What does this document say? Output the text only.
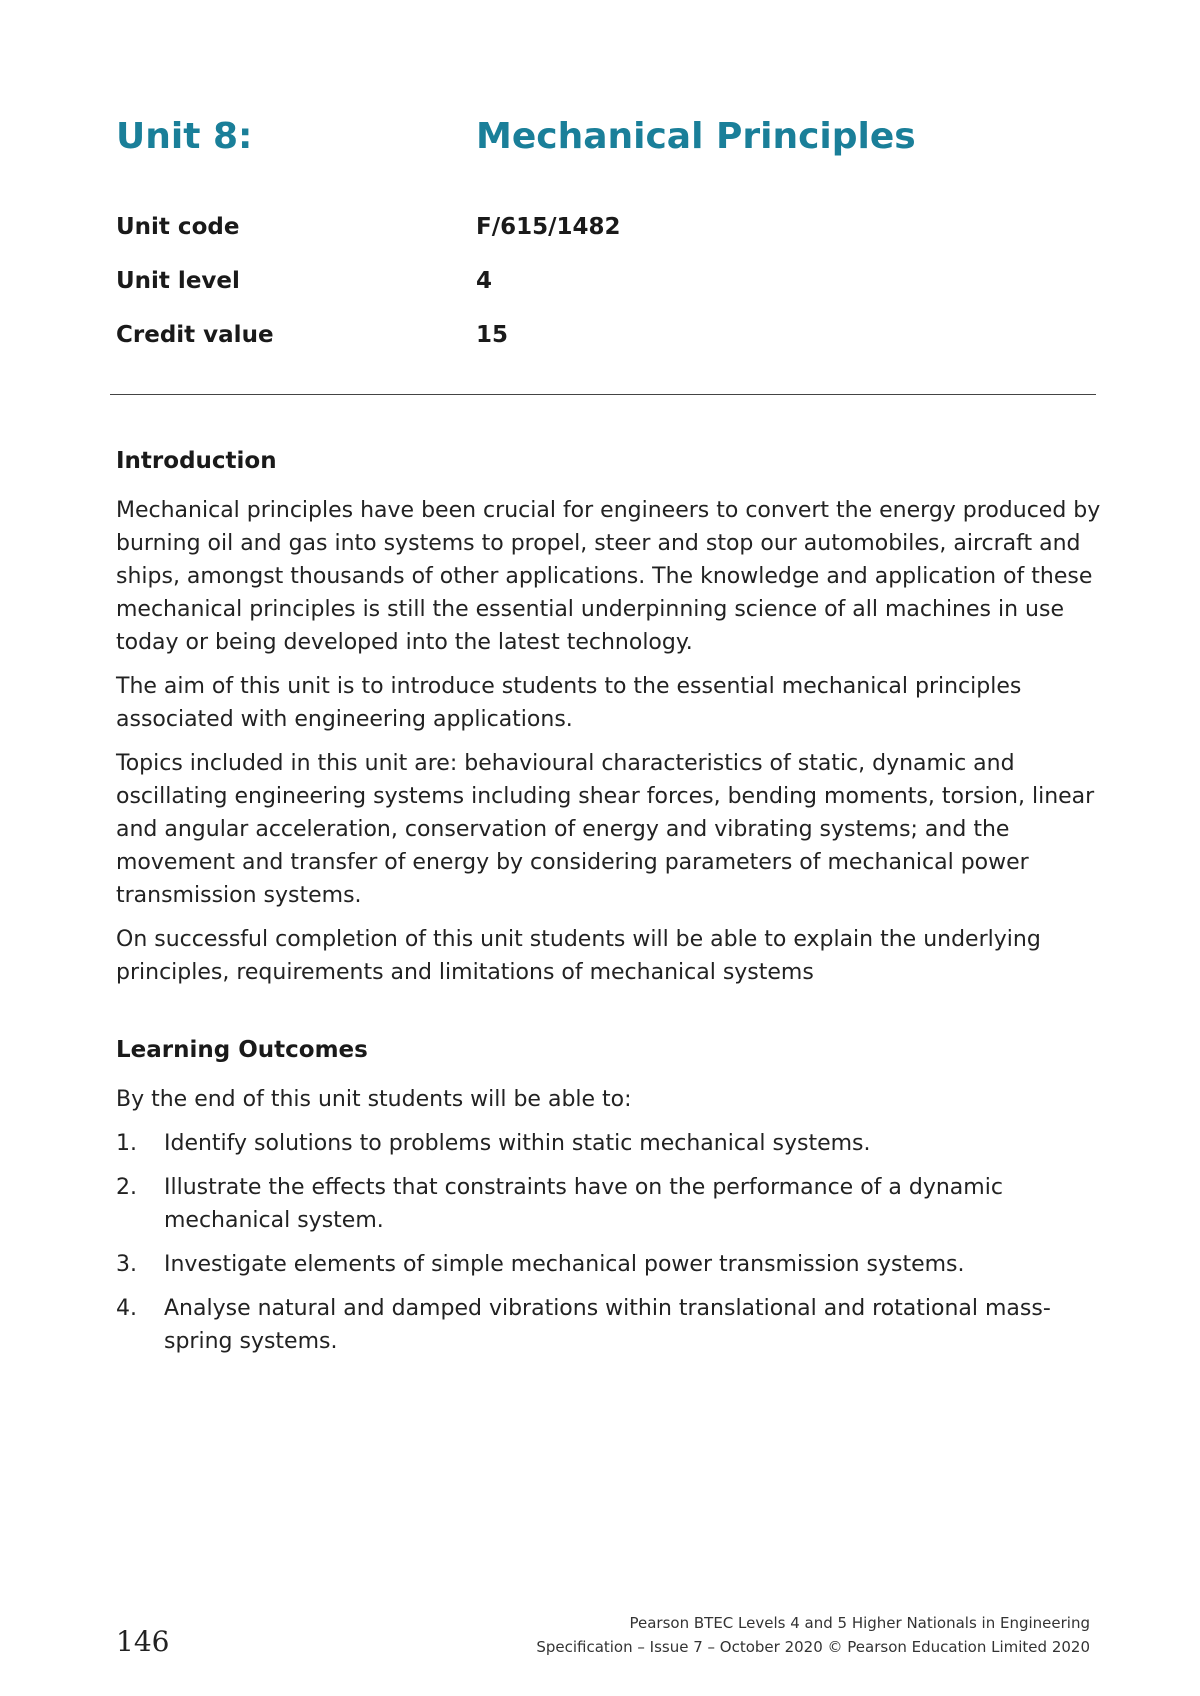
Unit 8:	Mechanical Principles
Unit code	F/615/1482
Unit level	4
Credit value	15
Introduction

Mechanical principles have been crucial for engineers to convert the energy produced by burning oil and gas into systems to propel, steer and stop our automobiles, aircraft and ships, amongst thousands of other applications. The knowledge and application of these mechanical principles is still the essential underpinning science of all machines in use today or being developed into the latest technology.

The aim of this unit is to introduce students to the essential mechanical principles associated with engineering applications.

Topics included in this unit are: behavioural characteristics of static, dynamic and oscillating engineering systems including shear forces, bending moments, torsion, linear and angular acceleration, conservation of energy and vibrating systems; and the movement and transfer of energy by considering parameters of mechanical power transmission systems.

On successful completion of this unit students will be able to explain the underlying principles, requirements and limitations of mechanical systems

Learning Outcomes

By the end of this unit students will be able to:

1. Identify solutions to problems within static mechanical systems.
2. Illustrate the effects that constraints have on the performance of a dynamic mechanical system.
3. Investigate elements of simple mechanical power transmission systems.
4. Analyse natural and damped vibrations within translational and rotational mass-spring systems.
146
Pearson BTEC Levels 4 and 5 Higher Nationals in Engineering
Specification – Issue 7 – October 2020 © Pearson Education Limited 2020
